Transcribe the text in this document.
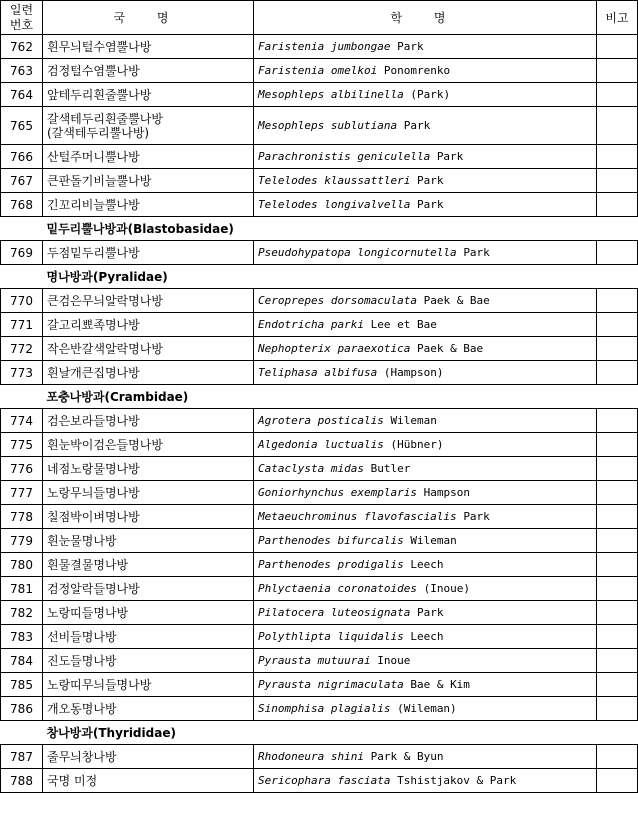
일련
번호	국 명	학 명	비고
762	흰무늬털수염뿔나방	Faristenia jumbongae Park	
763	검정털수염뿔나방	Faristenia omelkoi Ponomrenko	
764	앞테두리흰줄뿔나방	Mesophleps albilinella (Park)	
765	갈색테두리흰줄뿔나방
(갈색테두리뿔나방)	Mesophleps sublutiana Park	
766	산털주머니뿔나방	Parachronistis geniculella Park	
767	큰판돌기비늘뿔나방	Telelodes klaussattleri Park	
768	긴꼬리비늘뿔나방	Telelodes longivalvella Park	
밑두리뿔나방과(Blastobasidae)			
769	두점밑두리뿔나방	Pseudohypatopa longicornutella Park	
명나방과(Pyralidae)			
770	큰검은무늬알락명나방	Ceroprepes dorsomaculata Paek & Bae	
771	갈고리뾰족명나방	Endotricha parki Lee et Bae	
772	작은반갈색알락명나방	Nephopterix paraexotica Paek & Bae	
773	흰날개큰집명나방	Teliphasa albifusa (Hampson)	
포충나방과(Crambidae)			
774	검은보라들명나방	Agrotera posticalis Wileman	
775	흰눈박이검은들명나방	Algedonia luctualis (Hübner)	
776	네점노랑물명나방	Cataclysta midas Butler	
777	노랑무늬들명나방	Goniorhynchus exemplaris Hampson	
778	칠점박이벼명나방	Metaeuchrominus flavofascialis Park	
779	흰눈물명나방	Parthenodes bifurcalis Wileman	
780	흰물결물명나방	Parthenodes prodigalis Leech	
781	검정알락들명나방	Phlyctaenia coronatoides (Inoue)	
782	노랑띠들명나방	Pilatocera luteosignata Park	
783	선비들명나방	Polythlipta liquidalis Leech	
784	진도들명나방	Pyrausta mutuurai Inoue	
785	노랑띠무늬들명나방	Pyrausta nigrimaculata Bae & Kim	
786	개오동명나방	Sinomphisa plagialis (Wileman)	
창나방과(Thyrididae)			
787	줄무늬창나방	Rhodoneura shini Park & Byun	
788	국명 미정	Sericophara fasciata Tshistjakov & Park	
